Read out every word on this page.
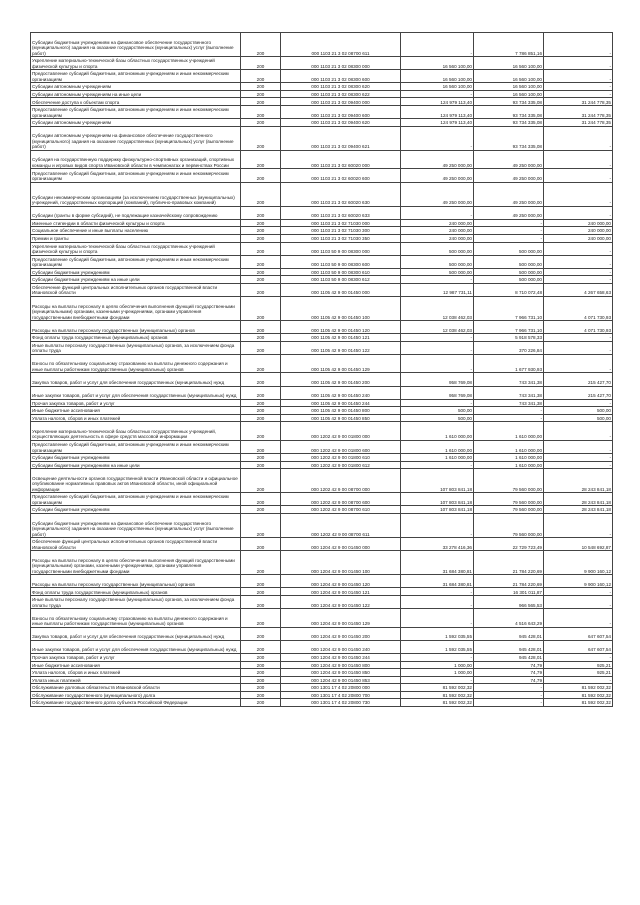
Субсидии бюджетным учреждениям на финансовое обеспечение государственного (муниципального) задания на оказание государственных (муниципальных) услуг (выполнение работ)	200	000 1103 21 3 02 08700 611	-	7 786 851,16	-
Укрепление материально-технической базы областных государственных учреждений физической культуры и спорта	200	000 1103 21 3 02 08300 000	16 560 100,00	16 560 100,00	-
Предоставление субсидий бюджетным, автономным учреждениям и иным некоммерческим организациям	200	000 1103 21 3 02 08300 600	16 560 100,00	16 560 100,00	-
Субсидии автономным учреждениям	200	000 1103 21 3 02 08300 620	16 560 100,00	16 560 100,00	-
Субсидии автономным учреждениям на иные цели	200	000 1103 21 3 02 08300 622	-	16 560 100,00	-
Обеспечение доступа к объектам спорта	200	000 1103 21 3 02 09400 000	124 979 113,40	93 734 335,08	31 244 778,35
Предоставление субсидий бюджетным, автономным учреждениям и иным некоммерческим организациям	200	000 1103 21 3 02 09400 600	124 979 113,40	93 734 335,08	31 244 778,35
Субсидии автономным учреждениям	200	000 1103 21 3 02 09400 620	124 979 113,40	93 734 335,08	31 244 778,35
Субсидии автономным учреждениям на финансовое обеспечение государственного (муниципального) задания на оказание государственных (муниципальных) услуг (выполнение работ)	200	000 1103 21 3 02 09400 621	-	93 734 335,08	-
Субсидия на государственную поддержку физкультурно-спортивных организаций, спортивных команды и игровых видов спорта Ивановской области в чемпионатах и первенствах России	200	000 1103 21 3 02 60020 000	49 250 000,00	49 250 000,00	-
Предоставление субсидий бюджетным, автономным учреждениям и иным некоммерческим организациям	200	000 1103 21 3 02 60020 600	49 250 000,00	49 250 000,00	-
Субсидии некоммерческим организациям (за исключением государственных (муниципальных) учреждений, государственных корпораций (компаний), публично-правовых компаний)	200	000 1103 21 3 02 60020 630	49 250 000,00	49 250 000,00	-
Субсидии (гранты в форме субсидий), не подлежащие казначейскому сопровождению	200	000 1103 21 3 02 60020 633	-	49 250 000,00	-
Именные стипендии в области физической культуры и спорта	200	000 1103 21 3 02 71030 000	240 000,00	-	240 000,00
Социальное обеспечение и иные выплаты населению	200	000 1103 21 3 02 71030 300	240 000,00	-	240 000,00
Премии и гранты	200	000 1103 21 3 02 71030 350	240 000,00	-	240 000,00
Укрепление материально-технической базы областных государственных учреждений физической культуры и спорта	200	000 1103 50 9 00 08300 000	500 000,00	500 000,00	-
Предоставление субсидий бюджетным, автономным учреждениям и иным некоммерческим организациям	200	000 1103 50 9 00 08300 600	500 000,00	500 000,00	-
Субсидии бюджетным учреждениям	200	000 1103 50 9 00 08300 610	500 000,00	500 000,00	-
Субсидии бюджетным учреждениям на иные цели	200	000 1103 50 9 00 08300 612	-	500 000,00	-
Обеспечение функций центральных исполнительных органов государственной власти Ивановской области	200	000 1105 42 9 00 01450 000	12 987 731,11	8 710 072,48	4 267 658,63
Расходы на выплаты персоналу в целях обеспечения выполнения функций государственными (муниципальными) органами, казенными учреждениями, органами управления государственными внебюджетными фондами	200	000 1105 42 9 00 01450 100	12 038 462,03	7 966 731,10	4 071 730,93
Расходы на выплаты персоналу государственных (муниципальных) органов	200	000 1105 42 9 00 01450 120	12 038 462,03	7 966 731,10	4 071 730,93
Фонд оплаты труда государственных (муниципальных) органов	200	000 1105 42 9 00 01450 121	-	5 918 578,33	-
Иные выплаты персоналу государственных (муниципальных) органов, за исключением фонда оплаты труда	200	000 1105 42 9 00 01450 122	-	370 226,84	-
Взносы по обязательному социальному страхованию на выплаты денежного содержания и иные выплаты работникам государственных (муниципальных) органов	200	000 1105 42 9 00 01450 129	-	1 677 930,93	-
Закупка товаров, работ и услуг для обеспечения государственных (муниципальных) нужд	200	000 1105 42 9 00 01450 200	958 769,08	743 341,38	215 427,70
Иные закупки товаров, работ и услуг для обеспечения государственных (муниципальных) нужд	200	000 1105 42 9 00 01450 240	958 769,08	743 341,38	215 427,70
Прочая закупка товаров, работ и услуг	200	000 1105 42 9 00 01450 244	-	743 341,38	-
Иные бюджетные ассигнования	200	000 1105 42 9 00 01450 800	500,00	-	500,00
Уплата налогов, сборов и иных платежей	200	000 1105 42 9 00 01450 850	500,00	-	500,00
Укрепление материально-технической базы областных государственных учреждений, осуществляющих деятельность в сфере средств массовой информации	200	000 1202 42 9 00 01800 000	1 610 000,00	1 610 000,00	-
Предоставление субсидий бюджетным, автономным учреждениям и иным некоммерческим организациям	200	000 1202 42 9 00 01800 600	1 610 000,00	1 610 000,00	-
Субсидии бюджетным учреждениям	200	000 1202 42 9 00 01800 610	1 610 000,00	1 610 000,00	-
Субсидии бюджетным учреждениям на иные цели	200	000 1202 42 9 00 01800 612	-	1 610 000,00	-
Освещение деятельности органов государственной власти Ивановской области и официальное опубликование нормативных правовых актов Ивановской области, иной официальной информации	200	000 1202 42 9 00 08700 000	107 803 841,18	79 560 000,00	28 243 841,18
Предоставление субсидий бюджетным, автономным учреждениям и иным некоммерческим организациям	200	000 1202 42 9 00 08700 600	107 803 841,18	79 560 000,00	28 243 841,18
Субсидии бюджетным учреждениям	200	000 1202 42 9 00 08700 610	107 803 841,18	79 560 000,00	28 243 841,18
Субсидии бюджетным учреждениям на финансовое обеспечение государственного (муниципального) задания на оказание государственных (муниципальных) услуг (выполнение работ)	200	000 1202 42 9 00 08700 611	-	79 560 000,00	-
Обеспечение функций центральных исполнительных органов государственной власти Ивановской области	200	000 1204 42 9 00 01450 000	33 278 416,36	22 729 723,49	10 548 692,87
Расходы на выплаты персоналу в целях обеспечения выполнения функций государственными (муниципальными) органами, казенными учреждениями, органами управления государственными внебюджетными фондами	200	000 1204 42 9 00 01450 100	31 684 380,81	21 784 220,69	9 900 160,12
Расходы на выплаты персоналу государственных (муниципальных) органов	200	000 1204 42 9 00 01450 120	31 684 380,81	21 784 220,69	9 900 160,12
Фонд оплаты труда государственных (муниципальных) органов	200	000 1204 42 9 00 01450 121	-	16 301 011,87	-
Иные выплаты персоналу государственных (муниципальных) органов, за исключением фонда оплаты труда	200	000 1204 42 9 00 01450 122	-	966 565,53	-
Взносы по обязательному социальному страхованию на выплаты денежного содержания и иные выплаты работникам государственных (муниципальных) органов	200	000 1204 42 9 00 01450 129	-	4 516 643,29	-
Закупка товаров, работ и услуг для обеспечения государственных (муниципальных) нужд	200	000 1204 42 9 00 01450 200	1 592 035,55	945 428,01	647 607,54
Иные закупки товаров, работ и услуг для обеспечения государственных (муниципальных) нужд	200	000 1204 42 9 00 01450 240	1 592 035,55	945 428,01	647 607,54
Прочая закупка товаров, работ и услуг	200	000 1204 42 9 00 01450 244	-	945 428,01	-
Иные бюджетные ассигнования	200	000 1204 42 9 00 01450 800	1 000,00	74,79	925,21
Уплата налогов, сборов и иных платежей	200	000 1204 42 9 00 01450 850	1 000,00	74,79	925,21
Уплата иных платежей	200	000 1204 42 9 00 01450 853	-	74,79	-
Обслуживание долговых обязательств Ивановской области	200	000 1301 17 4 02 20800 000	81 592 002,32	-	81 592 002,32
Обслуживание государственного (муниципального) долга	200	000 1301 17 4 02 20800 700	81 592 002,32	-	81 592 002,32
Обслуживание государственного долга субъекта Российской Федерации	200	000 1301 17 4 02 20800 730	81 592 002,32	-	81 592 002,32
